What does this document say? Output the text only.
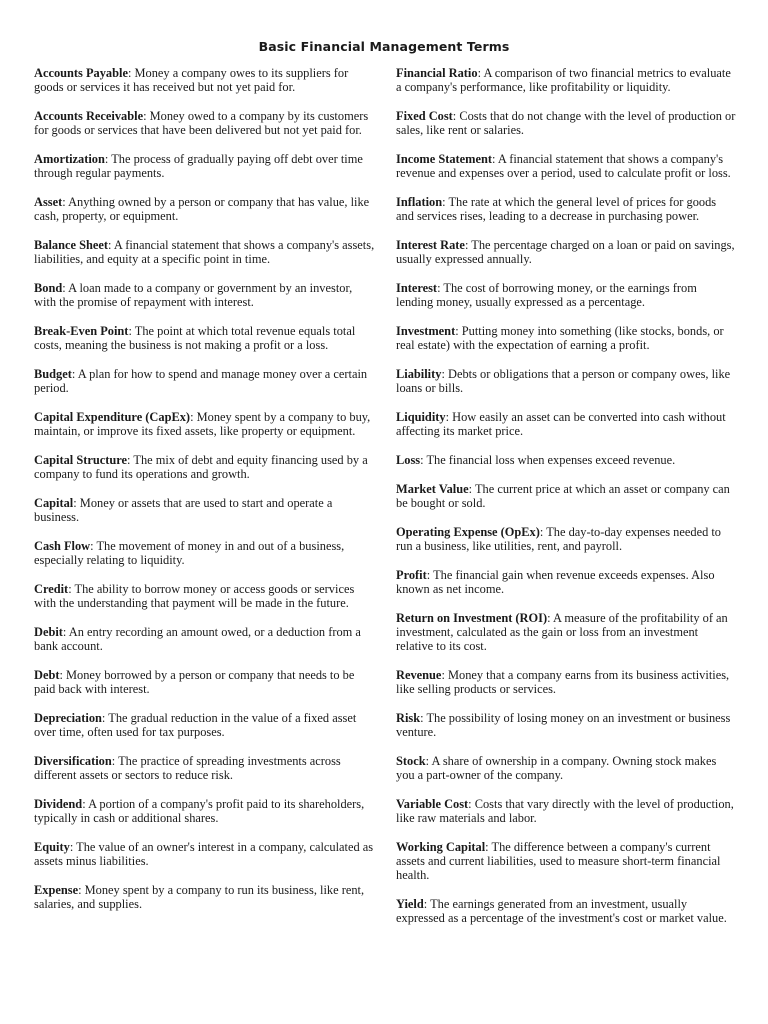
Basic Financial Management Terms

Accounts Payable: Money a company owes to its suppliers for goods or services it has received but not yet paid for.

Accounts Receivable: Money owed to a company by its customers for goods or services that have been delivered but not yet paid for.

Amortization: The process of gradually paying off debt over time through regular payments.

Asset: Anything owned by a person or company that has value, like cash, property, or equipment.

Balance Sheet: A financial statement that shows a company's assets, liabilities, and equity at a specific point in time.

Bond: A loan made to a company or government by an investor, with the promise of repayment with interest.

Break-Even Point: The point at which total revenue equals total costs, meaning the business is not making a profit or a loss.

Budget: A plan for how to spend and manage money over a certain period.

Capital Expenditure (CapEx): Money spent by a company to buy, maintain, or improve its fixed assets, like property or equipment.

Capital Structure: The mix of debt and equity financing used by a company to fund its operations and growth.

Capital: Money or assets that are used to start and operate a business.

Cash Flow: The movement of money in and out of a business, especially relating to liquidity.

Credit: The ability to borrow money or access goods or services with the understanding that payment will be made in the future.

Debit: An entry recording an amount owed, or a deduction from a bank account.

Debt: Money borrowed by a person or company that needs to be paid back with interest.

Depreciation: The gradual reduction in the value of a fixed asset over time, often used for tax purposes.

Diversification: The practice of spreading investments across different assets or sectors to reduce risk.

Dividend: A portion of a company's profit paid to its shareholders, typically in cash or additional shares.

Equity: The value of an owner's interest in a company, calculated as assets minus liabilities.

Expense: Money spent by a company to run its business, like rent, salaries, and supplies.

Financial Ratio: A comparison of two financial metrics to evaluate a company's performance, like profitability or liquidity.

Fixed Cost: Costs that do not change with the level of production or sales, like rent or salaries.

Income Statement: A financial statement that shows a company's revenue and expenses over a period, used to calculate profit or loss.

Inflation: The rate at which the general level of prices for goods and services rises, leading to a decrease in purchasing power.

Interest Rate: The percentage charged on a loan or paid on savings, usually expressed annually.

Interest: The cost of borrowing money, or the earnings from lending money, usually expressed as a percentage.

Investment: Putting money into something (like stocks, bonds, or real estate) with the expectation of earning a profit.

Liability: Debts or obligations that a person or company owes, like loans or bills.

Liquidity: How easily an asset can be converted into cash without affecting its market price.

Loss: The financial loss when expenses exceed revenue.

Market Value: The current price at which an asset or company can be bought or sold.

Operating Expense (OpEx): The day-to-day expenses needed to run a business, like utilities, rent, and payroll.

Profit: The financial gain when revenue exceeds expenses. Also known as net income.

Return on Investment (ROI): A measure of the profitability of an investment, calculated as the gain or loss from an investment relative to its cost.

Revenue: Money that a company earns from its business activities, like selling products or services.

Risk: The possibility of losing money on an investment or business venture.

Stock: A share of ownership in a company. Owning stock makes you a part-owner of the company.

Variable Cost: Costs that vary directly with the level of production, like raw materials and labor.

Working Capital: The difference between a company's current assets and current liabilities, used to measure short-term financial health.

Yield: The earnings generated from an investment, usually expressed as a percentage of the investment's cost or market value.
